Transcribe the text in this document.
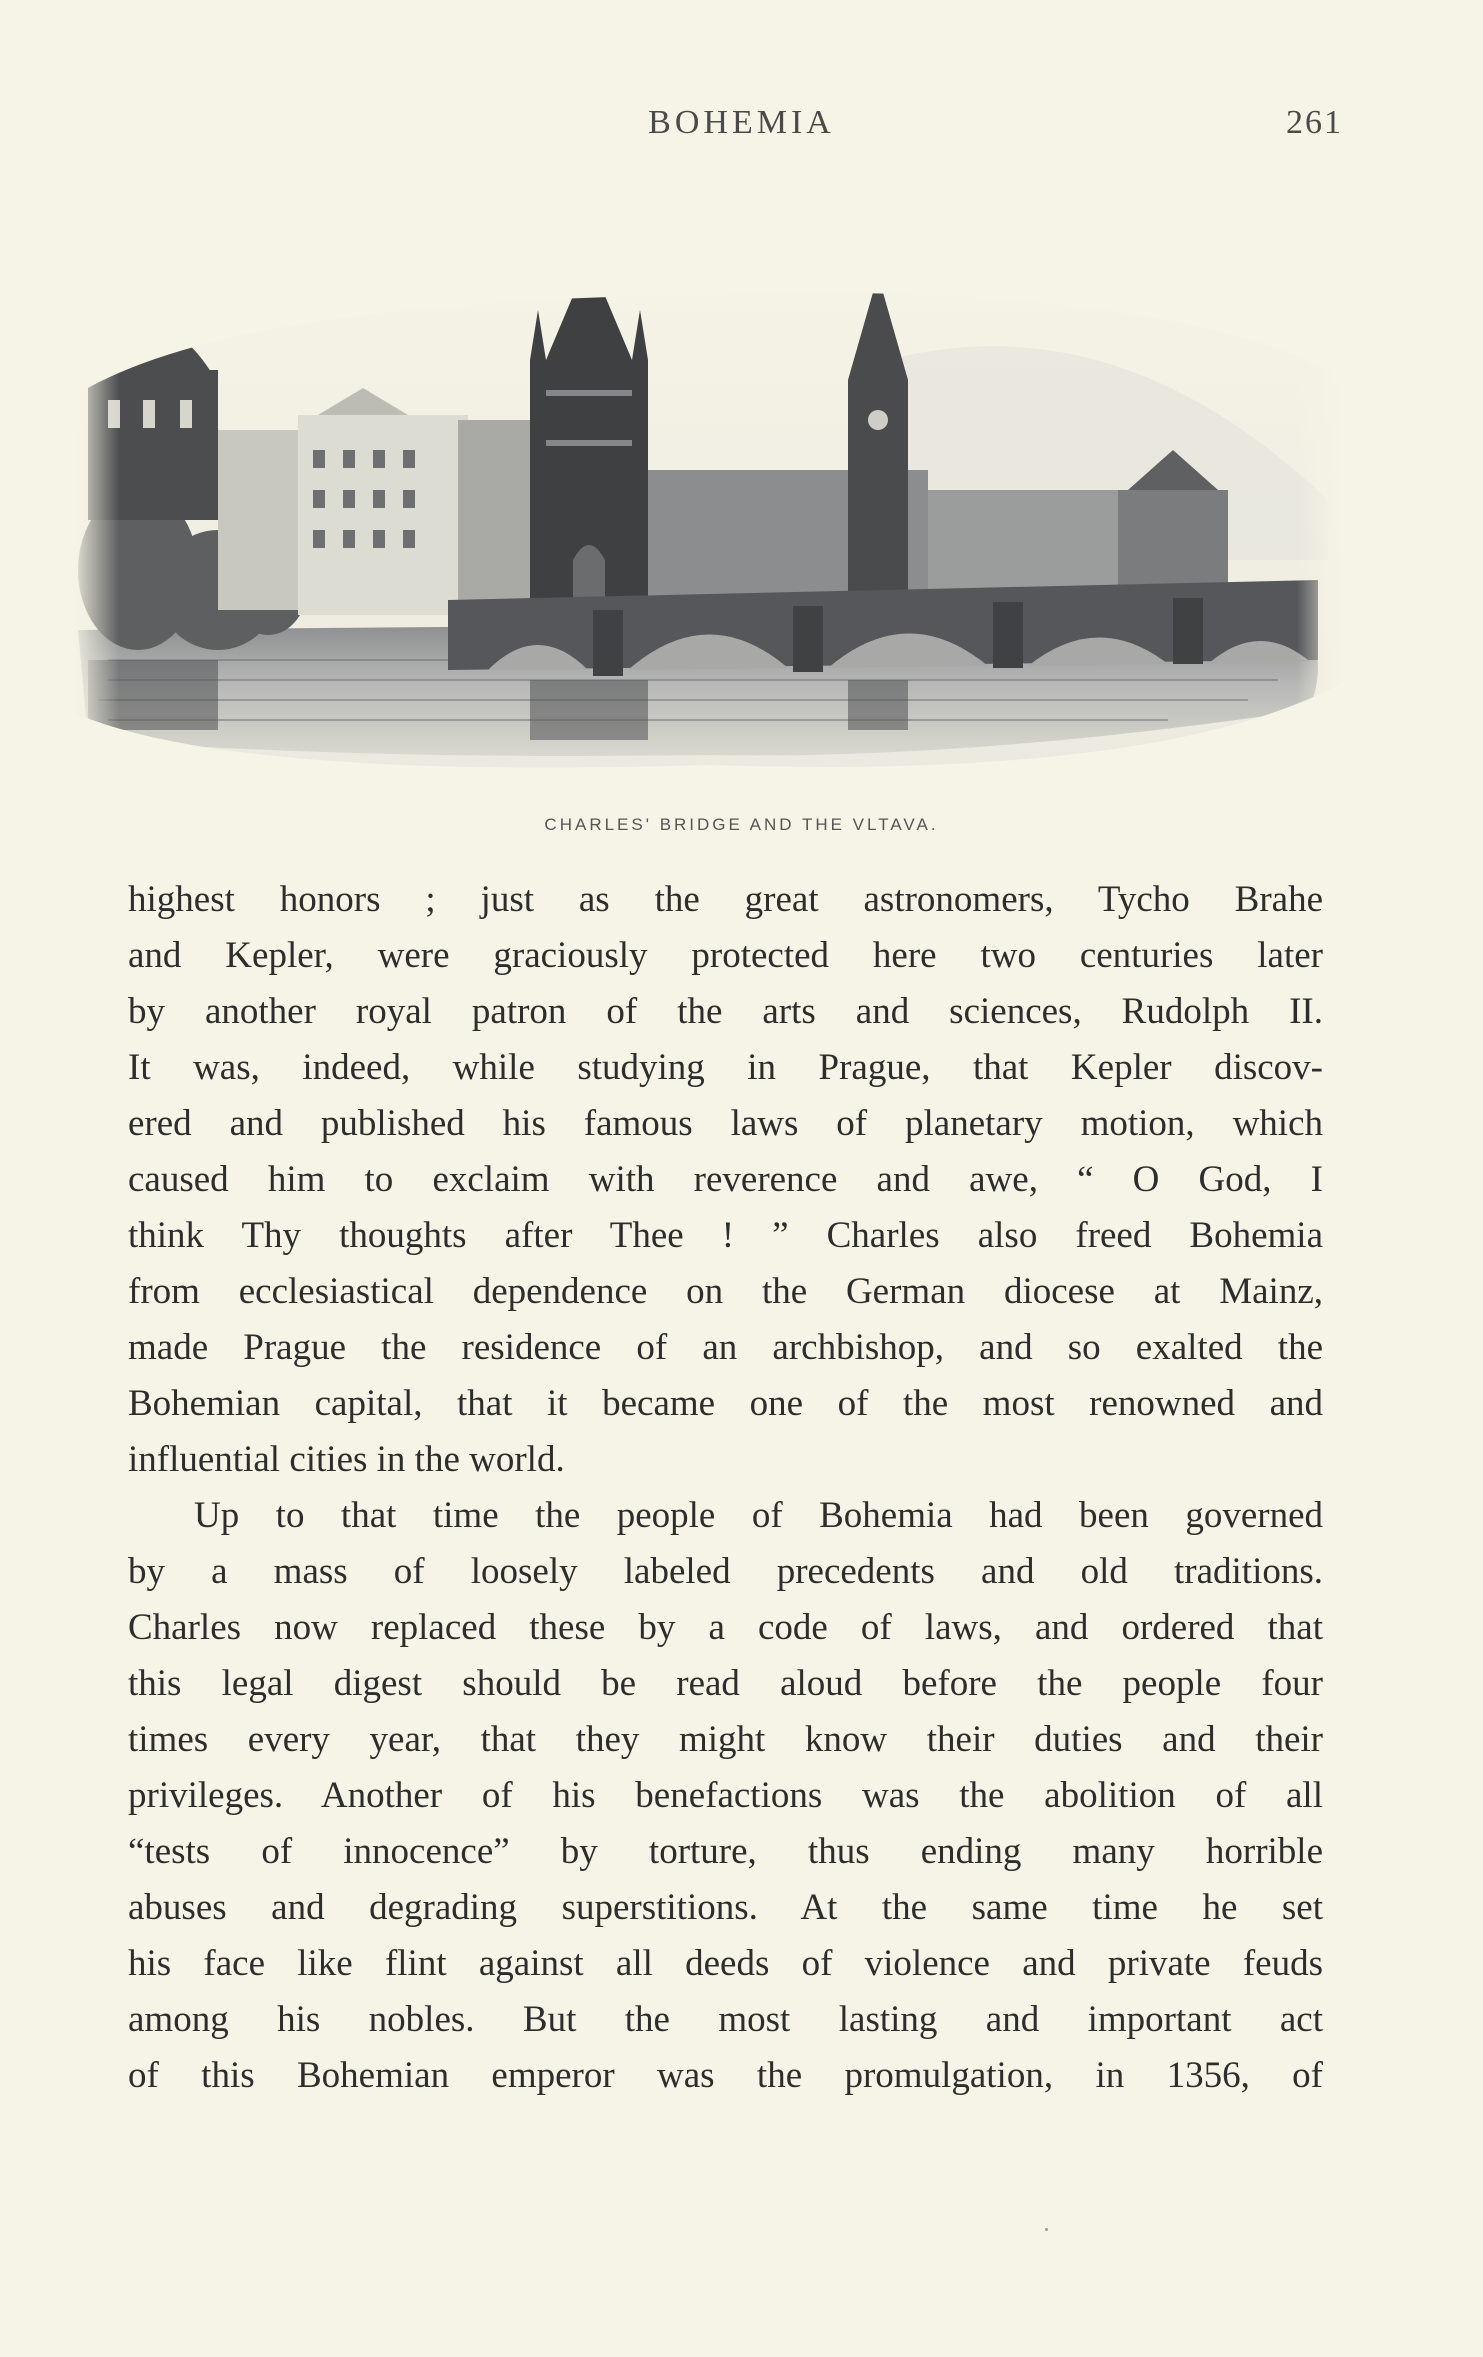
BOHEMIA	261
CHARLES' BRIDGE AND THE VLTAVA.
highest honors ; just as the great astronomers, Tycho Brahe
and Kepler, were graciously protected here two centuries later
by another royal patron of the arts and sciences, Rudolph II.
It was, indeed, while studying in Prague, that Kepler discov-
ered and published his famous laws of planetary motion, which
caused him to exclaim with reverence and awe, “ O God, I
think Thy thoughts after Thee ! ” Charles also freed Bohemia
from ecclesiastical dependence on the German diocese at Mainz,
made Prague the residence of an archbishop, and so exalted the
Bohemian capital, that it became one of the most renowned and
influential cities in the world.
Up to that time the people of Bohemia had been governed
by a mass of loosely labeled precedents and old traditions.
Charles now replaced these by a code of laws, and ordered that
this legal digest should be read aloud before the people four
times every year, that they might know their duties and their
privileges. Another of his benefactions was the abolition of all
“tests of innocence” by torture, thus ending many horrible
abuses and degrading superstitions. At the same time he set
his face like flint against all deeds of violence and private feuds
among his nobles. But the most lasting and important act
of this Bohemian emperor was the promulgation, in 1356, of
